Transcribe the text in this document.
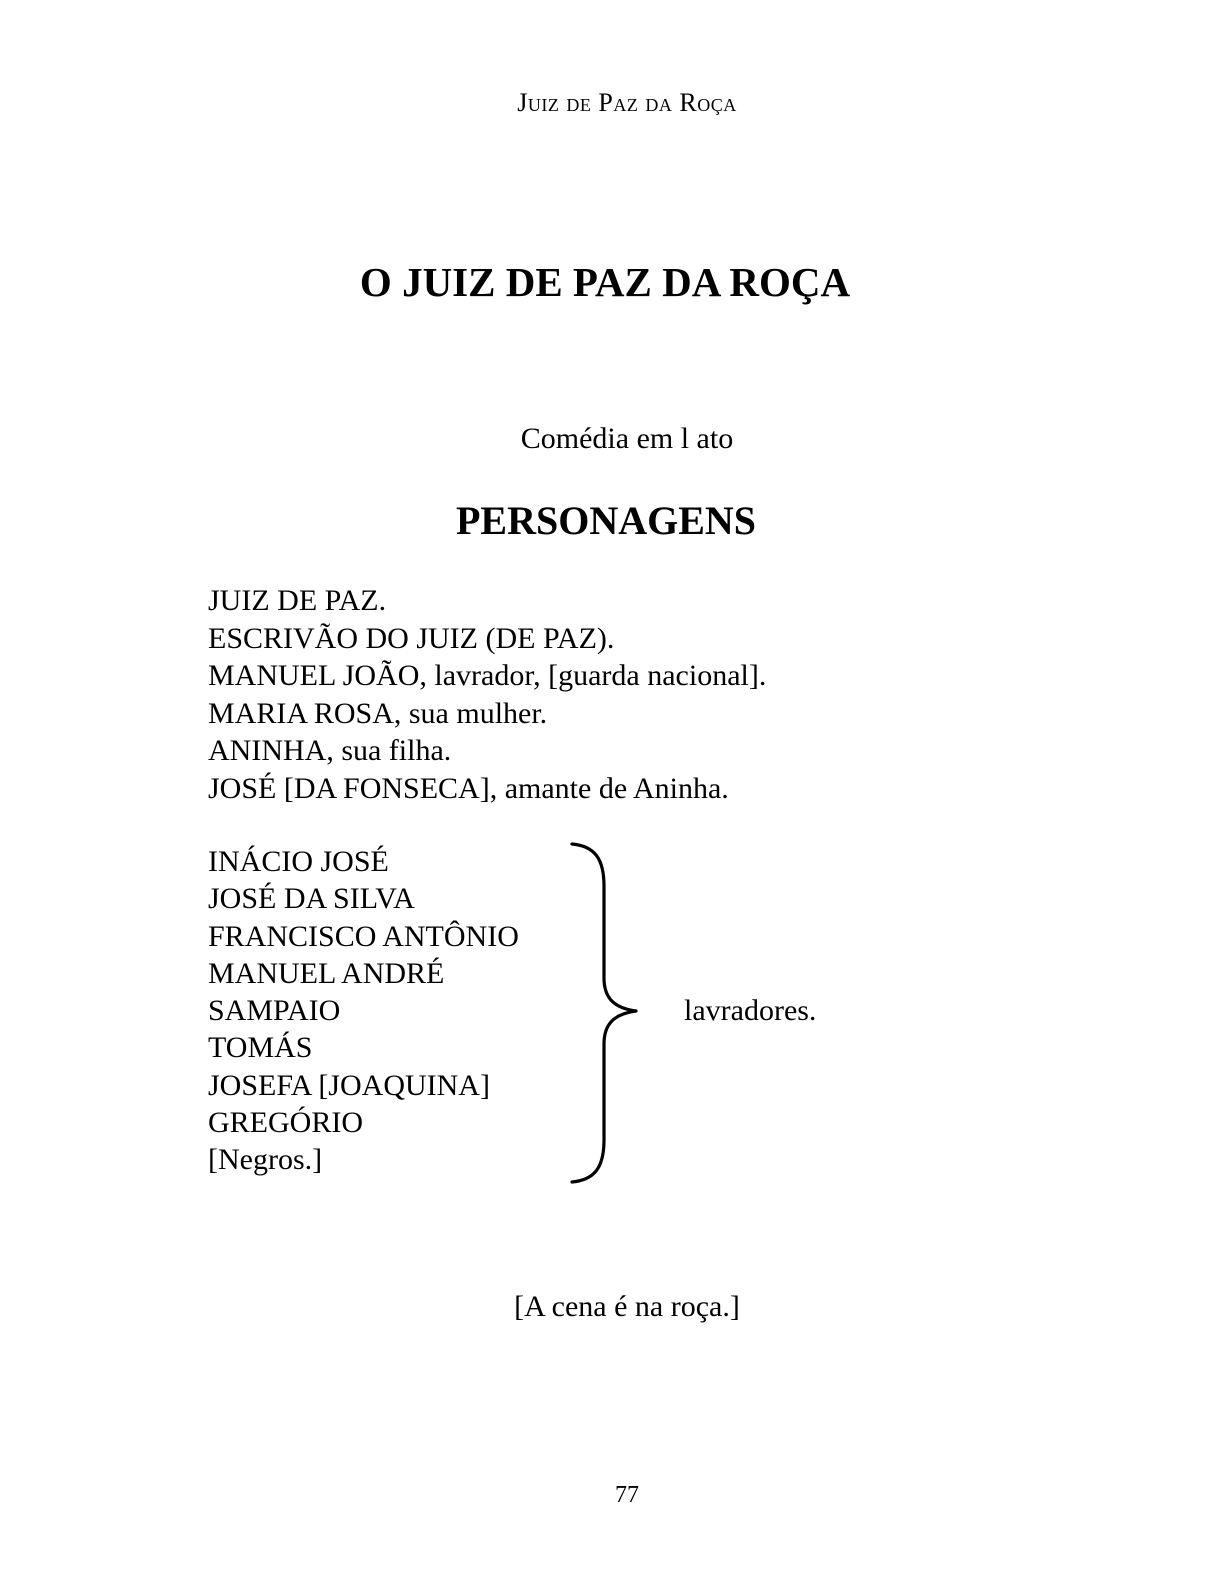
Juiz de Paz da Roça
O JUIZ DE PAZ DA ROÇA
Comédia em l ato
PERSONAGENS
JUIZ DE PAZ.
ESCRIVÃO DO JUIZ (DE PAZ).
MANUEL JOÃO, lavrador, [guarda nacional].
MARIA ROSA, sua mulher.
ANINHA, sua filha.
JOSÉ [DA FONSECA], amante de Aninha.
INÁCIO JOSÉ
JOSÉ DA SILVA
FRANCISCO ANTÔNIO
MANUEL ANDRÉ
SAMPAIO
TOMÁS
JOSEFA [JOAQUINA]
GREGÓRIO
[Negros.]
lavradores.
[A cena é na roça.]
77
